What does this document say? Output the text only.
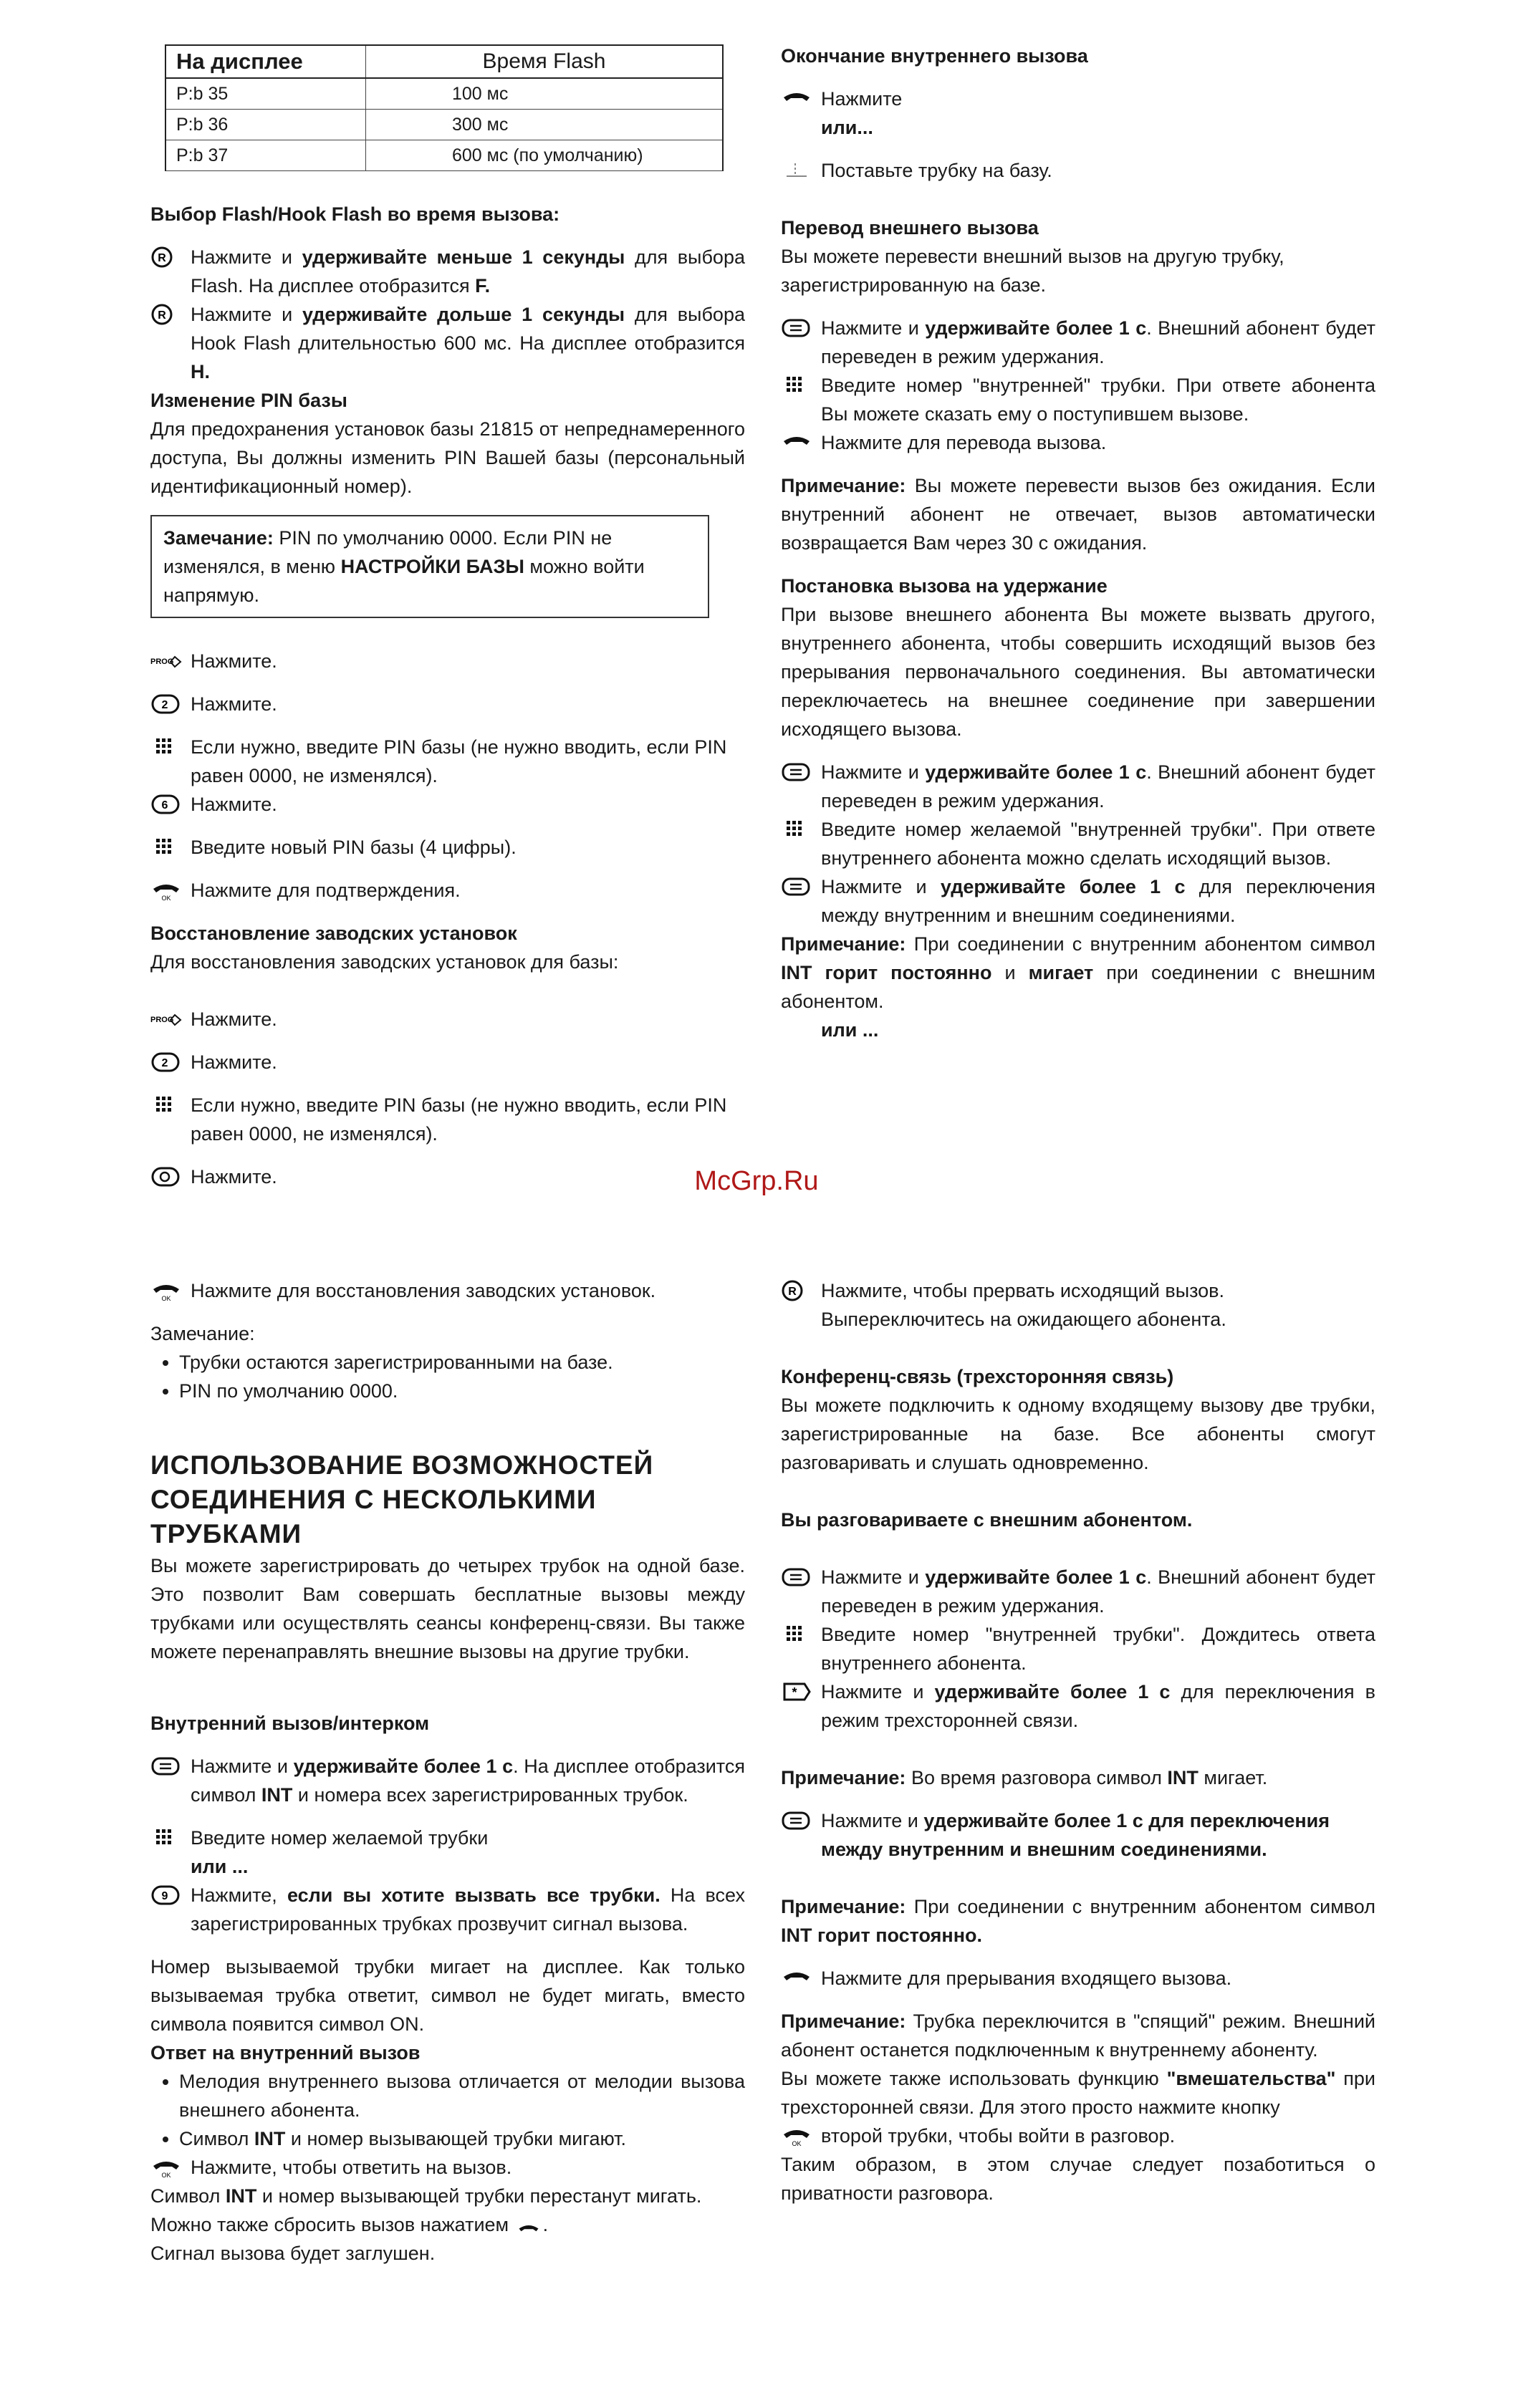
На дисплее	Время Flash
P:b 35	100 мс
P:b 36	300 мс
P:b 37	600 мс (по умолчанию)
Выбор Flash/Hook Flash во время вызова:
R Нажмите и удерживайте меньше 1 секунды для выбора Flash. На дисплее отобразится F.
R Нажмите и удерживайте дольше 1 секунды для выбора Hook Flash длительностью 600 мс. На дисплее отобразится H.
Изменение PIN базы

Для предохранения установок базы 21815 от непреднамеренного доступа, Вы должны изменить PIN Вашей базы (персональный идентификационный номер).

Замечание: PIN по умолчанию 0000. Если PIN не изменялся, в меню НАСТРОЙКИ БАЗЫ можно войти напрямую.
PROG Нажмите.
2 Нажмите.
Если нужно, введите PIN базы (не нужно вводить, если PIN равен 0000, не изменялся).
6 Нажмите.
Введите новый PIN базы (4 цифры).
OK Нажмите для подтверждения.
Восстановление заводских установок

Для восстановления заводских установок для базы:

PROG Нажмите.
2 Нажмите.
Если нужно, введите PIN базы (не нужно вводить, если PIN равен 0000, не изменялся).
Нажмите.
Окончание внутреннего вызова
Нажмите
или...
Поставьте трубку на базу.
Перевод внешнего вызова

Вы можете перевести внешний вызов на другую трубку, зарегистрированную на базе.

Нажмите и удерживайте более 1 с. Внешний абонент будет переведен в режим удержания.
Введите номер "внутренней" трубки. При ответе абонента Вы можете сказать ему о поступившем вызове.
Нажмите для перевода вызова.

Примечание: Вы можете перевести вызов без ожидания. Если внутренний абонент не отвечает, вызов автоматически возвращается Вам через 30 с ожидания.

Постановка вызова на удержание

При вызове внешнего абонента Вы можете вызвать другого, внутреннего абонента, чтобы совершить исходящий вызов без прерывания первоначального соединения. Вы автоматически переключаетесь на внешнее соединение при завершении исходящего вызова.

Нажмите и удерживайте более 1 с. Внешний абонент будет переведен в режим удержания.
Введите номер желаемой "внутренней трубки". При ответе внутреннего абонента можно сделать исходящий вызов.
Нажмите и удерживайте более 1 с для переключения между внутренним и внешним соединениями.

Примечание: При соединении с внутренним абонентом символ INT горит постоянно и мигает при соединении с внешним абонентом.

или ...

McGrp.Ru
OK Нажмите для восстановления заводских установок.

Замечание:

• Трубки остаются зарегистрированными на базе.
• PIN по умолчанию 0000.
ИСПОЛЬЗОВАНИЕ ВОЗМОЖНОСТЕЙ
СОЕДИНЕНИЯ С НЕСКОЛЬКИМИ ТРУБКАМИ

Вы можете зарегистрировать до четырех трубок на одной базе. Это позволит Вам совершать бесплатные вызовы между трубками или осуществлять сеансы конференц-связи. Вы также можете перенаправлять внешние вызовы на другие трубки.

Внутренний вызов/интерком
Нажмите и удерживайте более 1 с. На дисплее отобразится символ INT и номера всех зарегистрированных трубок.
Введите номер желаемой трубки
или ...
9 Нажмите, если вы хотите вызвать все трубки. На всех зарегистрированных трубках прозвучит сигнал вызова.

Номер вызываемой трубки мигает на дисплее. Как только вызываемая трубка ответит, символ не будет мигать, вместо символа появится символ ON.

Ответ на внутренний вызов
• Мелодия внутреннего вызова отличается от мелодии вызова внешнего абонента.
• Символ INT и номер вызывающей трубки мигают.
OK Нажмите, чтобы ответить на вызов.

Символ INT и номер вызывающей трубки перестанут мигать.

Можно также сбросить вызов нажатием .

Сигнал вызова будет заглушен.

R Нажмите, чтобы прервать исходящий вызов.
Выпереключитесь на ожидающего абонента.
Конференц-связь (трехсторонняя связь)

Вы можете подключить к одному входящему вызову две трубки, зарегистрированные на базе. Все абоненты смогут разговаривать и слушать одновременно.

Вы разговариваете с внешним абонентом.
Нажмите и удерживайте более 1 с. Внешний абонент будет переведен в режим удержания.
Введите номер "внутренней трубки". Дождитесь ответа внутреннего абонента.
* Нажмите и удерживайте более 1 с для переключения в режим трехсторонней связи.

Примечание: Во время разговора символ INT мигает.

Нажмите и удерживайте более 1 с для переключения
между внутренним и внешним соединениями.

Примечание: При соединении с внутренним абонентом символ INT горит постоянно.

Нажмите для прерывания входящего вызова.

Примечание: Трубка переключится в "спящий" режим. Внешний абонент останется подключенным к внутреннему абоненту.

Вы можете также использовать функцию "вмешательства" при трехсторонней связи. Для этого просто нажмите кнопку

OK второй трубки, чтобы войти в разговор.

Таким образом, в этом случае следует позаботиться о приватности разговора.
